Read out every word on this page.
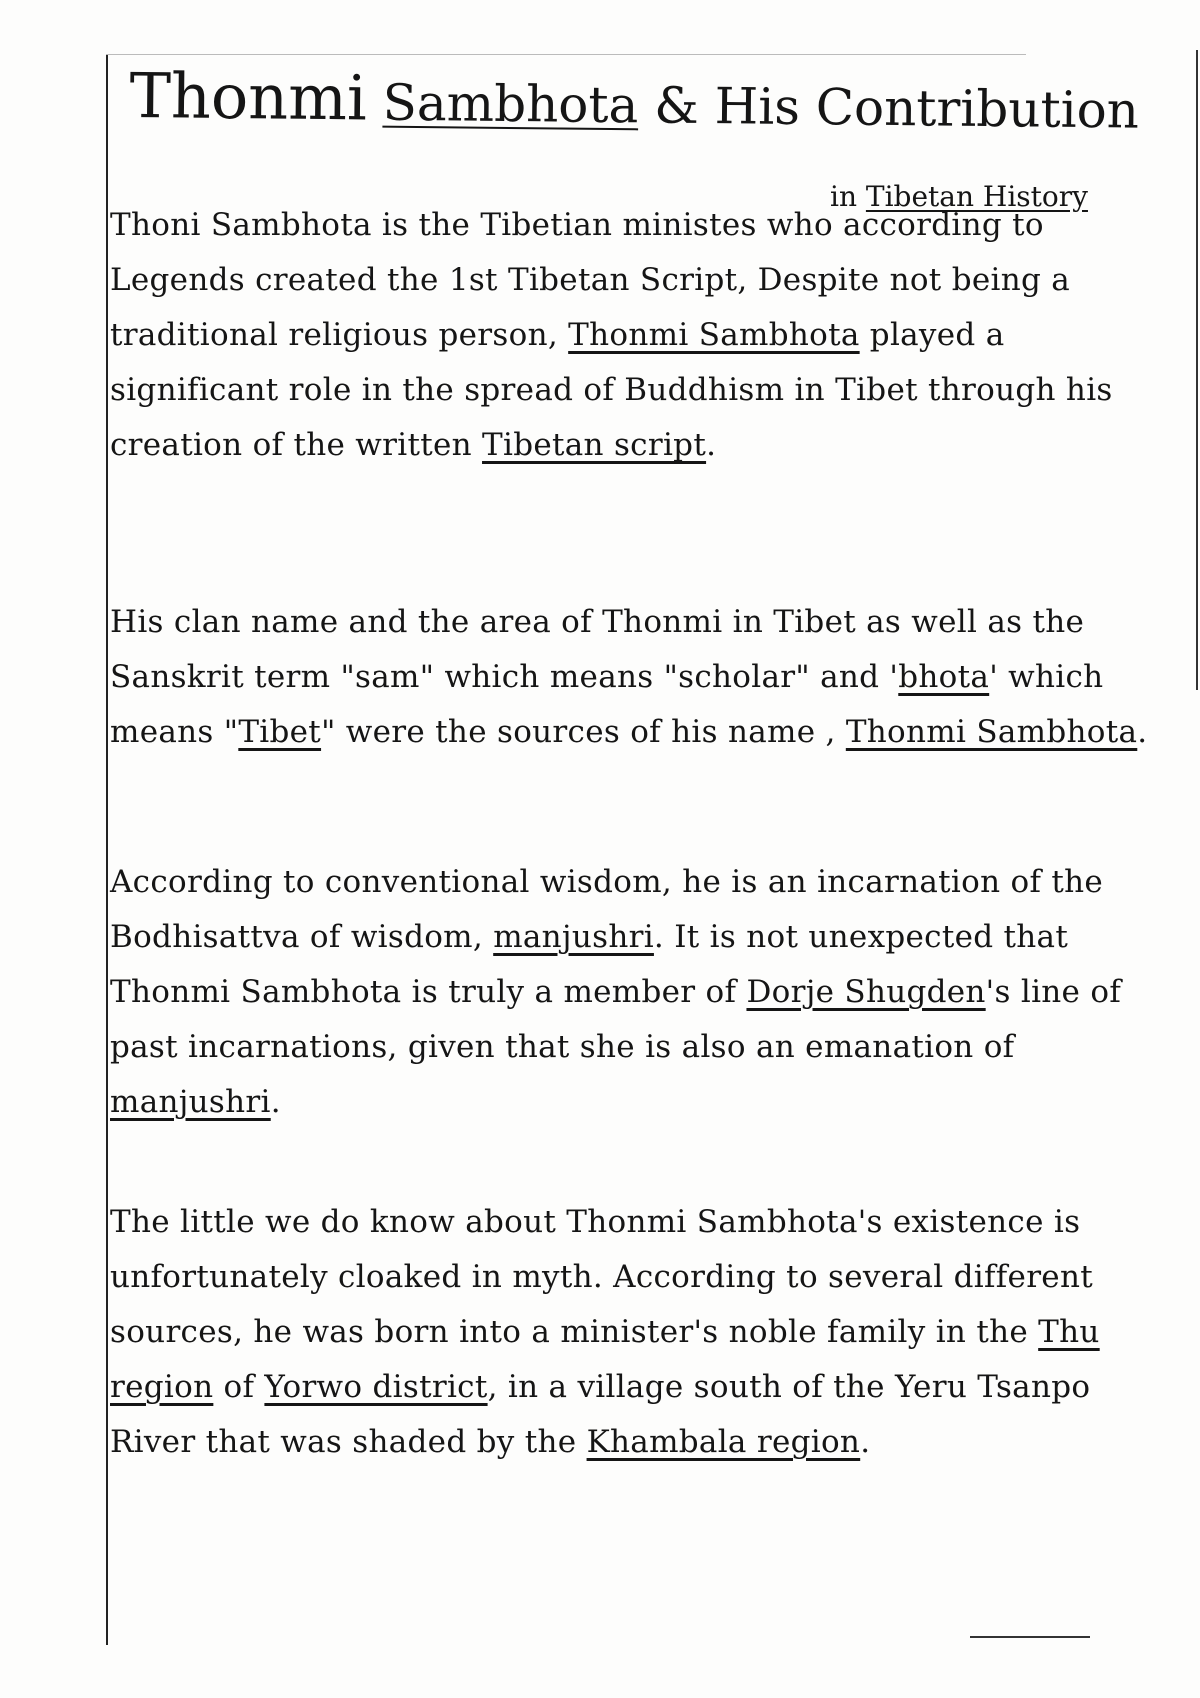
Thonmi Sambhota & His Contribution
in Tibetan History

Thoni Sambhota is the Tibetian ministes who according to Legends created the 1st Tibetan Script, Despite not being a traditional religious person, Thonmi Sambhota played a significant role in the spread of Buddhism in Tibet through his creation of the written Tibetan script.

His clan name and the area of Thonmi in Tibet as well as the Sanskrit term "sam" which means "scholar" and 'bhota' which means "Tibet" were the sources of his name , Thonmi Sambhota.

According to conventional wisdom, he is an incarnation of the Bodhisattva of wisdom, manjushri. It is not unexpected that Thonmi Sambhota is truly a member of Dorje Shugden's line of past incarnations, given that she is also an emanation of manjushri.

The little we do know about Thonmi Sambhota's existence is unfortunately cloaked in myth. According to several different sources, he was born into a minister's noble family in the Thu region of Yorwo district, in a village south of the Yeru Tsanpo River that was shaded by the Khambala region.
